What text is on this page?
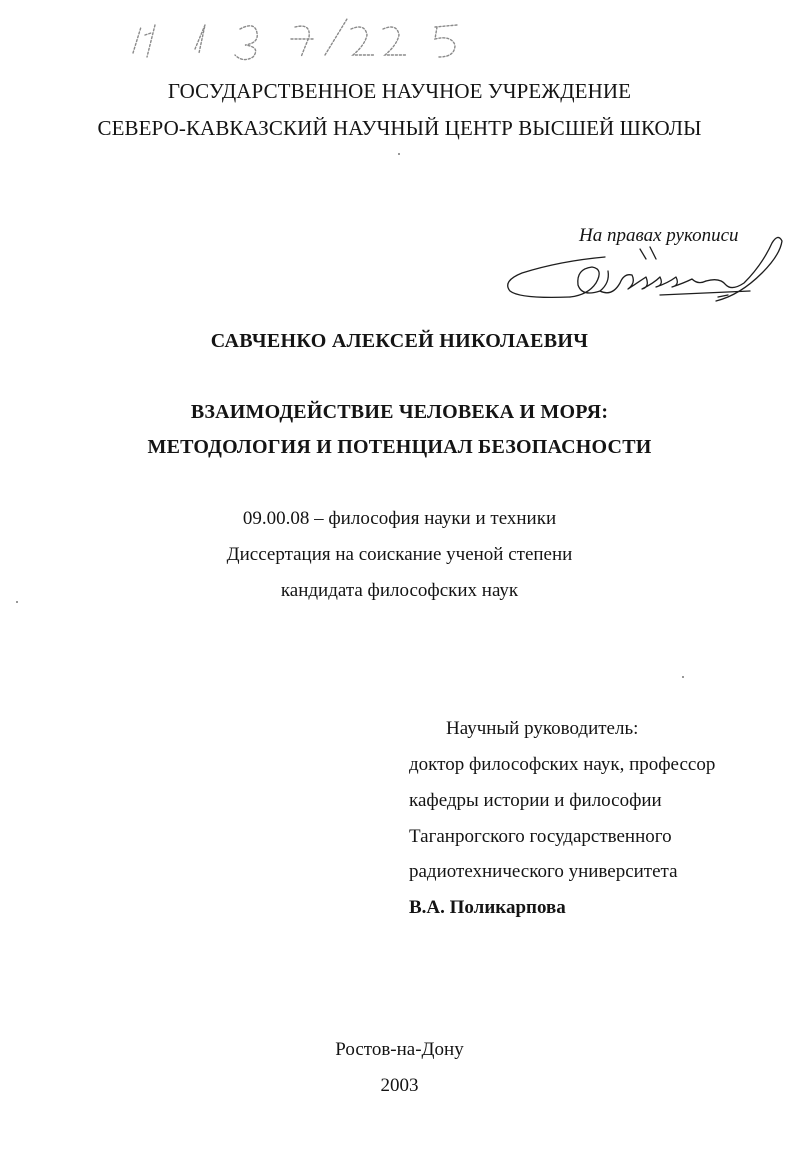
ГОСУДАРСТВЕННОЕ НАУЧНОЕ УЧРЕЖДЕНИЕ
СЕВЕРО-КАВКАЗСКИЙ НАУЧНЫЙ ЦЕНТР ВЫСШЕЙ ШКОЛЫ
На правах рукописи
САВЧЕНКО АЛЕКСЕЙ НИКОЛАЕВИЧ
ВЗАИМОДЕЙСТВИЕ ЧЕЛОВЕКА И МОРЯ:
МЕТОДОЛОГИЯ И ПОТЕНЦИАЛ БЕЗОПАСНОСТИ
09.00.08 – философия науки и техники
Диссертация на соискание ученой степени
кандидата философских наук
Научный руководитель:
доктор философских наук, профессор
кафедры истории и философии
Таганрогского государственного
радиотехнического университета
В.А. Поликарпова
Ростов-на-Дону
2003
